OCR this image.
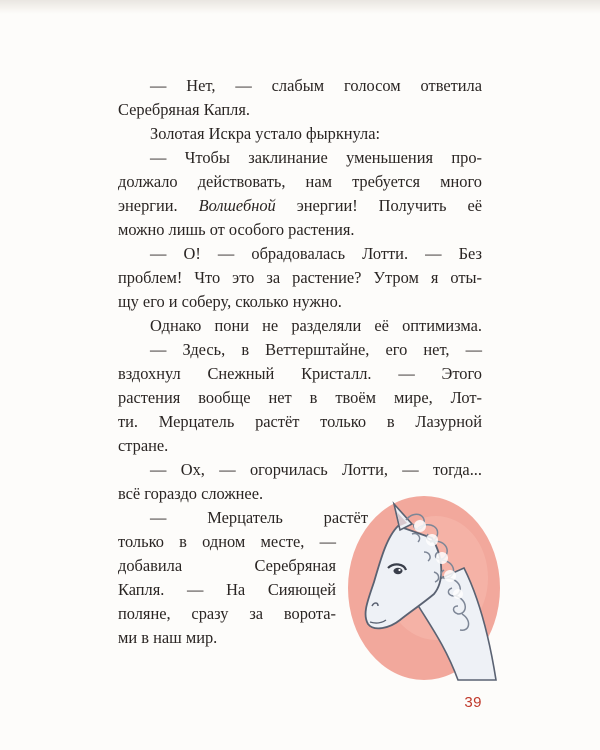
— Нет, — слабым голосом ответила
Серебряная Капля.
Золотая Искра устало фыркнула:
— Чтобы заклинание уменьшения про-
должало действовать, нам требуется много
энергии. Волшебной энергии! Получить её
можно лишь от особого растения.
— О! — обрадовалась Лотти. — Без
проблем! Что это за растение? Утром я оты-
щу его и соберу, сколько нужно.
Однако пони не разделяли её оптимизма.
— Здесь, в Веттерштайне, его нет, —
вздохнул Снежный Кристалл. — Этого
растения вообще нет в твоём мире, Лот-
ти. Мерцатель растёт только в Лазурной
стране.
— Ох, — огорчилась Лотти, — тогда...
всё гораздо сложнее.
— Мерцатель растёт
только в одном месте, —
добавила Серебряная
Капля. — На Сияющей
поляне, сразу за ворота-
ми в наш мир.
39
